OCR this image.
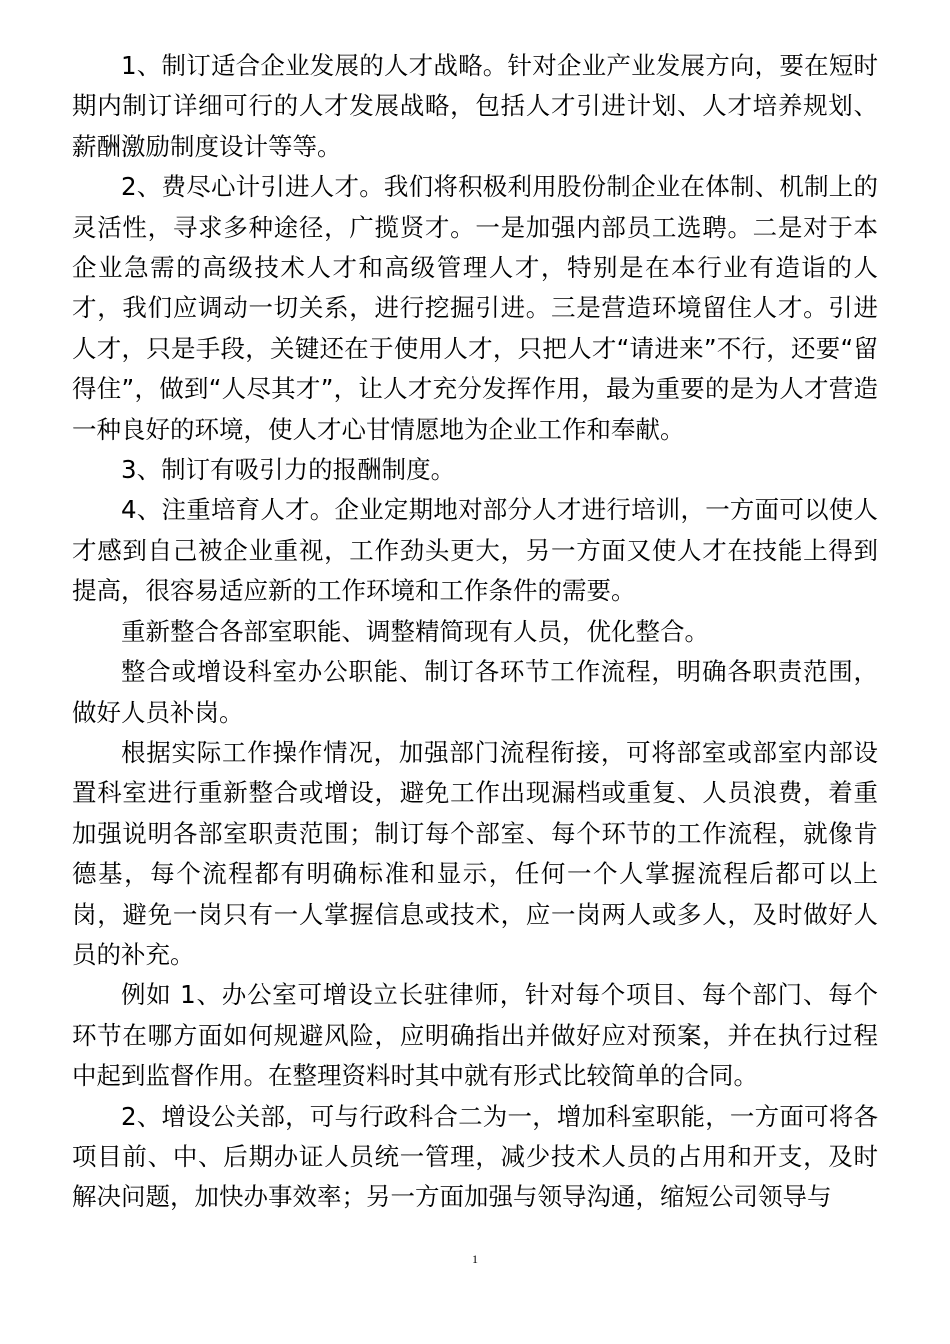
1、制订适合企业发展的人才战略。针对企业产业发展方向，要在短时期内制订详细可行的人才发展战略，包括人才引进计划、人才培养规划、薪酬激励制度设计等等。

2、费尽心计引进人才。我们将积极利用股份制企业在体制、机制上的灵活性，寻求多种途径，广揽贤才。一是加强内部员工选聘。二是对于本企业急需的高级技术人才和高级管理人才，特别是在本行业有造诣的人才，我们应调动一切关系，进行挖掘引进。三是营造环境留住人才。引进人才，只是手段，关键还在于使用人才，只把人才“请进来”不行，还要“留得住”，做到“人尽其才”，让人才充分发挥作用，最为重要的是为人才营造一种良好的环境，使人才心甘情愿地为企业工作和奉献。

3、制订有吸引力的报酬制度。

4、注重培育人才。企业定期地对部分人才进行培训，一方面可以使人才感到自己被企业重视，工作劲头更大，另一方面又使人才在技能上得到提高，很容易适应新的工作环境和工作条件的需要。

重新整合各部室职能、调整精简现有人员，优化整合。

整合或增设科室办公职能、制订各环节工作流程，明确各职责范围，做好人员补岗。

根据实际工作操作情况，加强部门流程衔接，可将部室或部室内部设置科室进行重新整合或增设，避免工作出现漏档或重复、人员浪费，着重加强说明各部室职责范围；制订每个部室、每个环节的工作流程，就像肯德基，每个流程都有明确标准和显示，任何一个人掌握流程后都可以上岗，避免一岗只有一人掌握信息或技术，应一岗两人或多人，及时做好人员的补充。

例如 1、办公室可增设立长驻律师，针对每个项目、每个部门、每个环节在哪方面如何规避风险，应明确指出并做好应对预案，并在执行过程中起到监督作用。在整理资料时其中就有形式比较简单的合同。

2、增设公关部，可与行政科合二为一，增加科室职能，一方面可将各项目前、中、后期办证人员统一管理，减少技术人员的占用和开支，及时解决问题，加快办事效率；另一方面加强与领导沟通，缩短公司领导与

1
